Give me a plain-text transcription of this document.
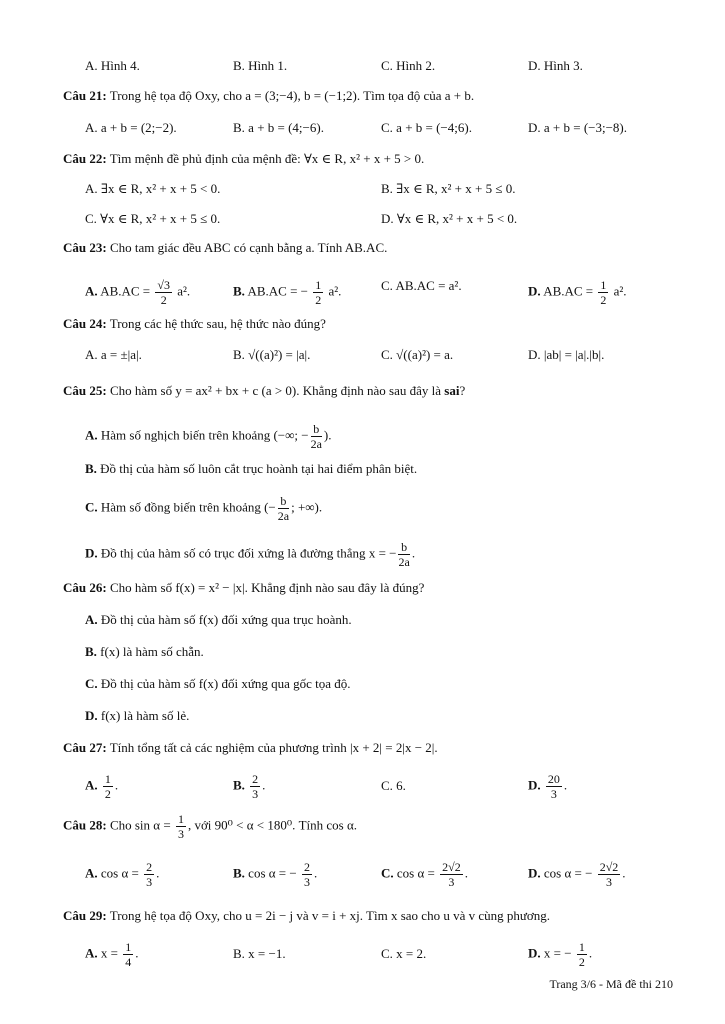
A. Hình 4.	B. Hình 1.	C. Hình 2.	D. Hình 3.
Câu 21: Trong hệ tọa độ Oxy, cho a = (3;−4), b = (−1;2). Tìm tọa độ của a + b.
A. a + b = (2;−2).	B. a + b = (4;−6).	C. a + b = (−4;6).	D. a + b = (−3;−8).
Câu 22: Tìm mệnh đề phủ định của mệnh đề: ∀x ∈ R, x² + x + 5 > 0.
A. ∃x ∈ R, x² + x + 5 < 0.	B. ∃x ∈ R, x² + x + 5 ≤ 0.
C. ∀x ∈ R, x² + x + 5 ≤ 0.	D. ∀x ∈ R, x² + x + 5 < 0.
Câu 23: Cho tam giác đều ABC có cạnh bằng a. Tính AB.AC.
A. $AB.AC = \frac{√3}{2} a^2$.	B. AB.AC = − $\frac{1}{2} a^2$.	C. AB.AC = a².	D. $AB.AC = \frac{1}{2} a^2$.
Câu 24: Trong các hệ thức sau, hệ thức nào đúng?
A. a = ±|a|.	B. √((a)²) = |a|.	C. √((a)²) = a.	D. |ab| = |a|.|b|.
Câu 25: Cho hàm số y = ax² + bx + c (a > 0). Khẳng định nào sau đây là sai?
A. Hàm số nghịch biến trên khoảng (−∞; − $\frac{b}{2a}$ ).
B. Đồ thị của hàm số luôn cắt trục hoành tại hai điểm phân biệt.
C. Hàm số đồng biến trên khoảng (− $\frac{b}{2a}$ ; +∞).
D. Đồ thị của hàm số có trục đối xứng là đường thẳng x = − $\frac{b}{2a}$ .
Câu 26: Cho hàm số f(x) = x² − |x|. Khẳng định nào sau đây là đúng?
A. Đồ thị của hàm số f(x) đối xứng qua trục hoành.
B. f(x) là hàm số chẵn.
C. Đồ thị của hàm số f(x) đối xứng qua gốc tọa độ.
D. f(x) là hàm số lẻ.
Câu 27: Tính tổng tất cả các nghiệm của phương trình |x + 2| = 2|x − 2|.
A. $\frac{1}{2}$ .	B. $\frac{2}{3}$ .	C. 6.	D. $\frac{20}{3}$ .
Câu 28: Cho $\sin \alpha = \frac{1}{3}$ , với 90⁰ < α < 180⁰. Tính cos α.
A. $\cos \alpha = \frac{2}{3}$ .	B. cos α = − $\frac{2}{3}$ .	C. $\cos \alpha = \frac{2√2}{3}$ .	D. cos α = − $\frac{2√2}{3}$ .
Câu 29: Trong hệ tọa độ Oxy, cho u = 2i − j và v = i + xj. Tìm x sao cho u và v cùng phương.
A. $x = \frac{1}{4}$ .	B. x = −1.	C. x = 2.	D. x = − $\frac{1}{2}$ .
Trang 3/6 - Mã đề thi 210
